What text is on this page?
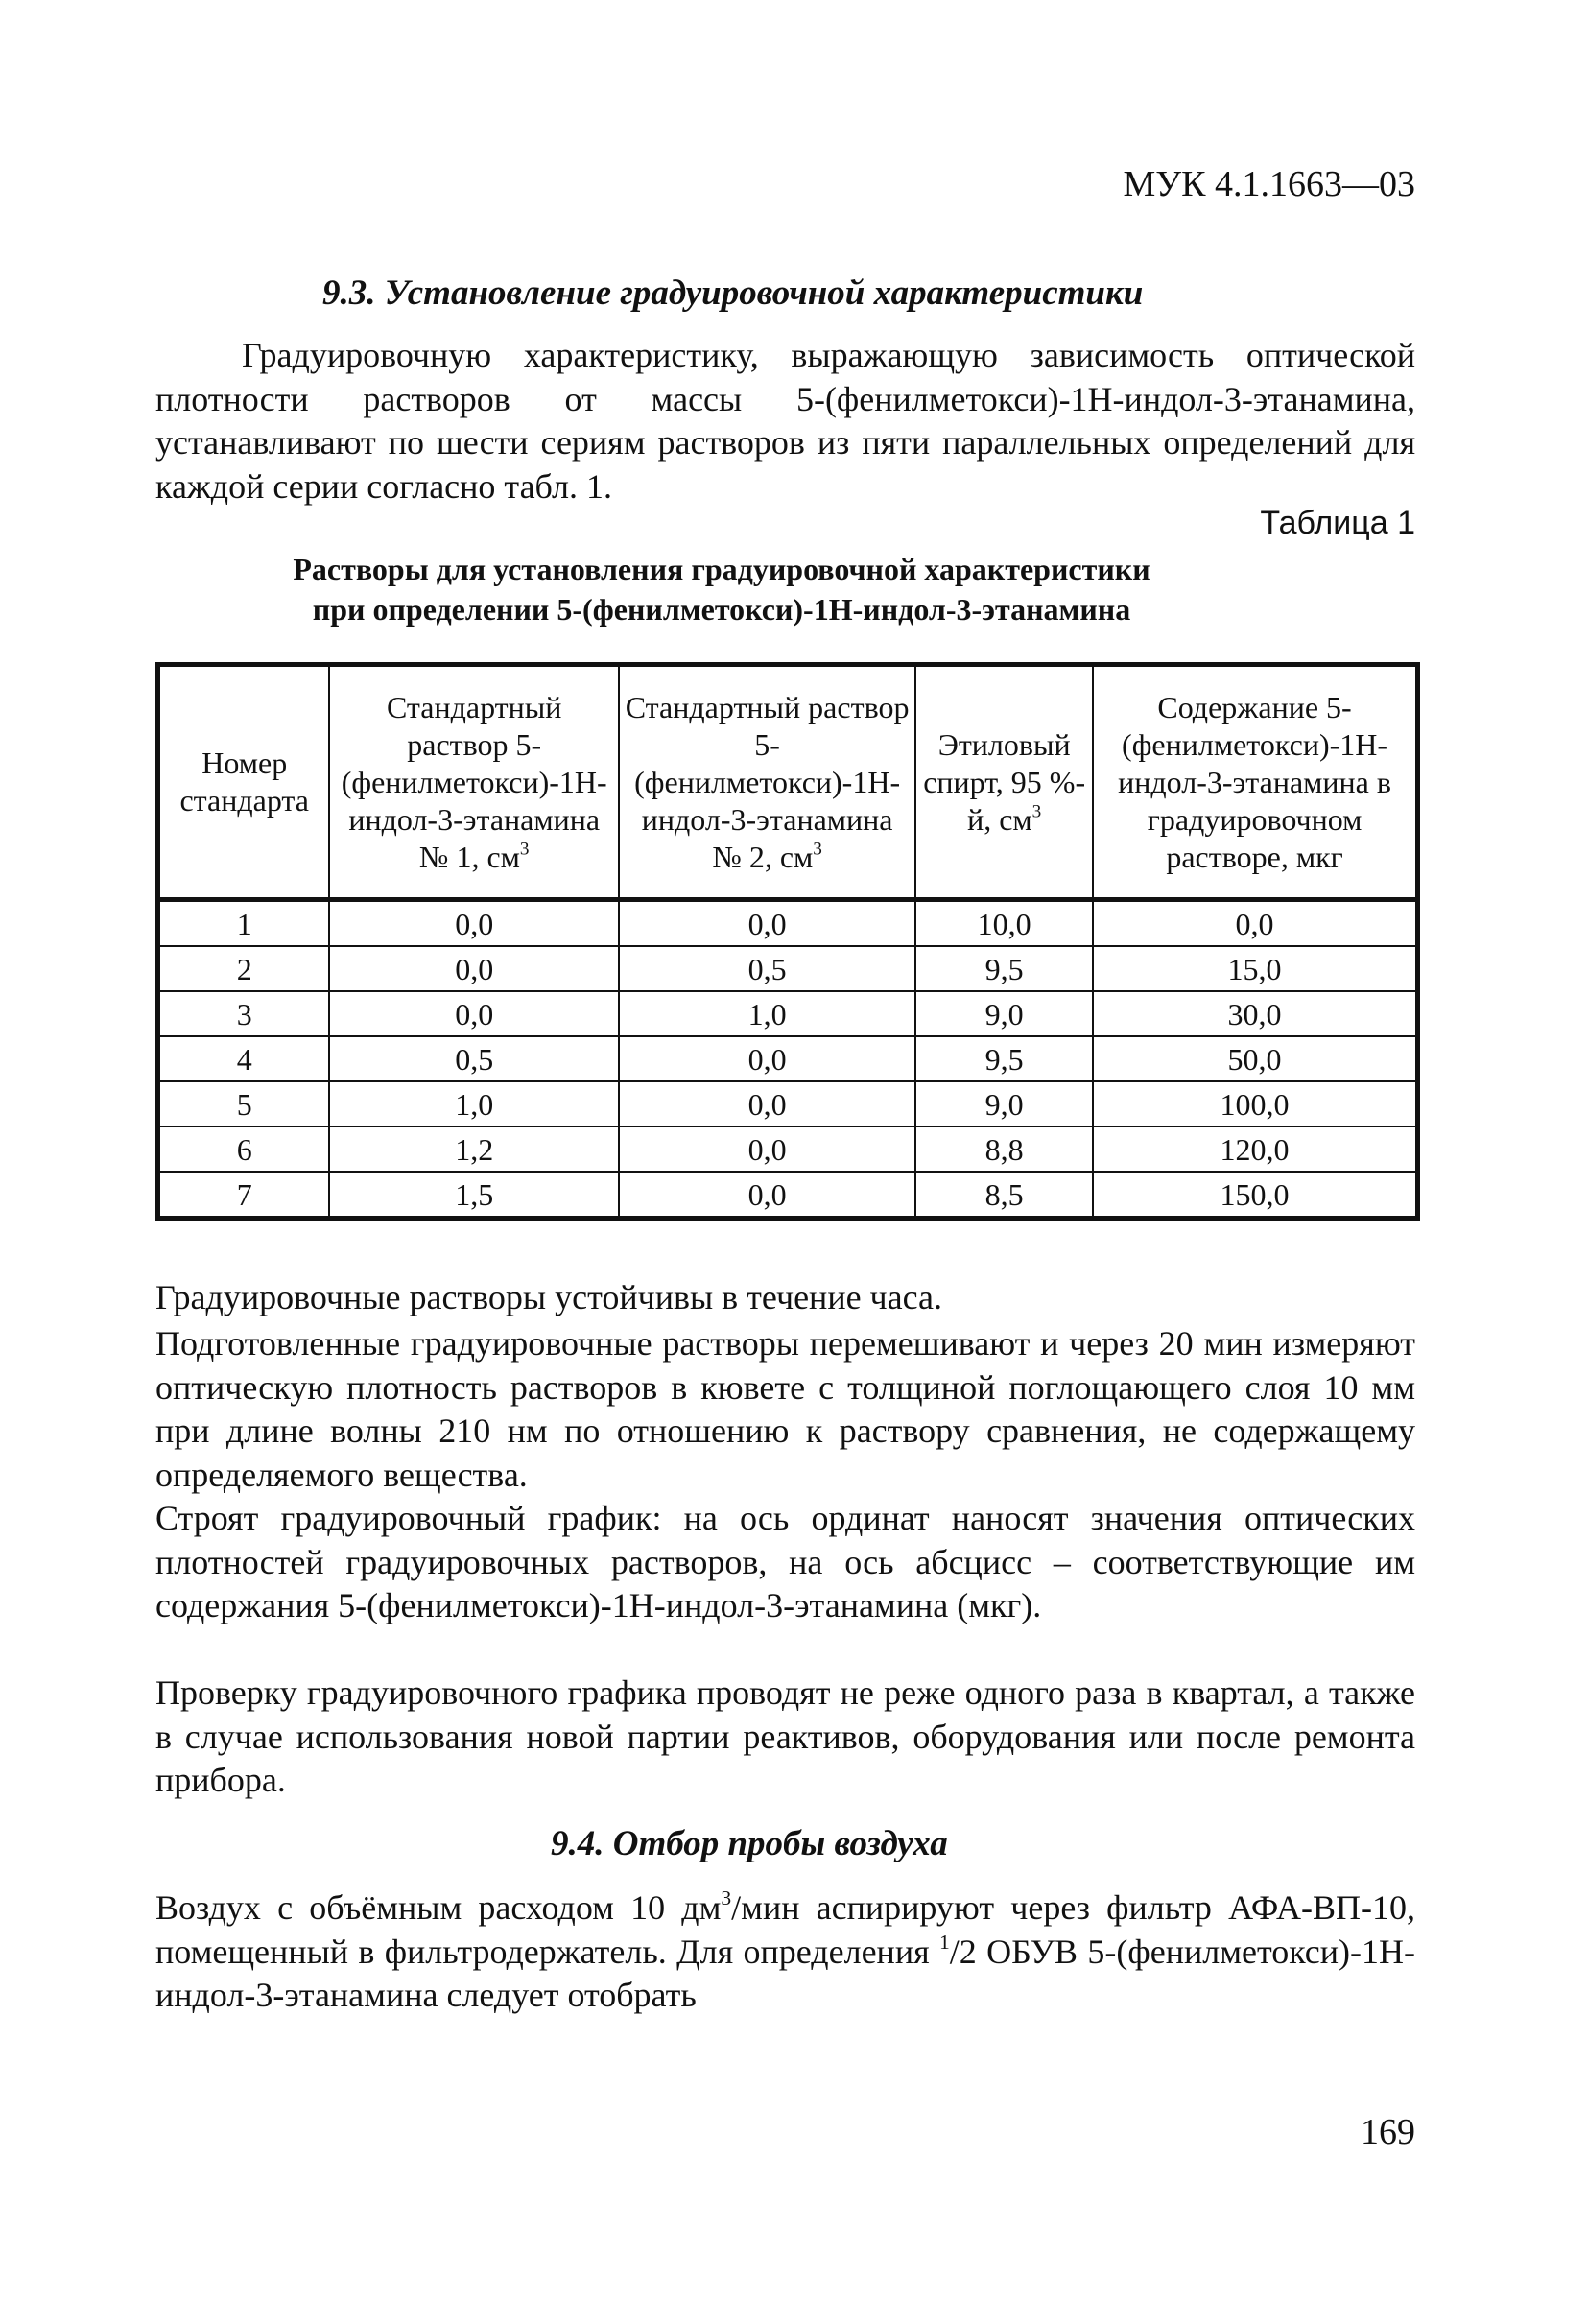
МУК 4.1.1663—03
9.3. Установление градуировочной характеристики
Градуировочную характеристику, выражающую зависимость оптической плотности растворов от массы 5-(фенилметокси)-1Н-индол-3-этанамина, устанавливают по шести сериям растворов из пяти параллельных определений для каждой серии согласно табл. 1.
Таблица 1
Растворы для установления градуировочной характеристики
при определении 5-(фенилметокси)-1Н-индол-3-этанамина
Номер стандарта	Стандартный раствор 5-(фенилметокси)-1Н-индол-3-этанамина № 1, $см^3$	Стандартный раствор 5-(фенилметокси)-1Н-индол-3-этанамина № 2, $см^3$	Этиловый спирт, 95 %-й, $см^3$	Содержание 5-(фенилметокси)-1Н-индол-3-этанамина в градуировочном растворе, мкг
1	0,0	0,0	10,0	0,0
2	0,0	0,5	9,5	15,0
3	0,0	1,0	9,0	30,0
4	0,5	0,0	9,5	50,0
5	1,0	0,0	9,0	100,0
6	1,2	0,0	8,8	120,0
7	1,5	0,0	8,5	150,0
Градуировочные растворы устойчивы в течение часа.
Подготовленные градуировочные растворы перемешивают и через 20 мин измеряют оптическую плотность растворов в кювете с толщиной поглощающего слоя 10 мм при длине волны 210 нм по отношению к раствору сравнения, не содержащему определяемого вещества.
Строят градуировочный график: на ось ординат наносят значения оптических плотностей градуировочных растворов, на ось абсцисс – соответствующие им содержания 5-(фенилметокси)-1Н-индол-3-этанамина (мкг).
Проверку градуировочного графика проводят не реже одного раза в квартал, а также в случае использования новой партии реактивов, оборудования или после ремонта прибора.
9.4. Отбор пробы воздуха
Воздух с объёмным расходом 10 $дм^3$/мин аспирируют через фильтр АФА-ВП-10, помещенный в фильтродержатель. Для определения $^1$/2 ОБУВ 5-(фенилметокси)-1Н-индол-3-этанамина следует отобрать
169
